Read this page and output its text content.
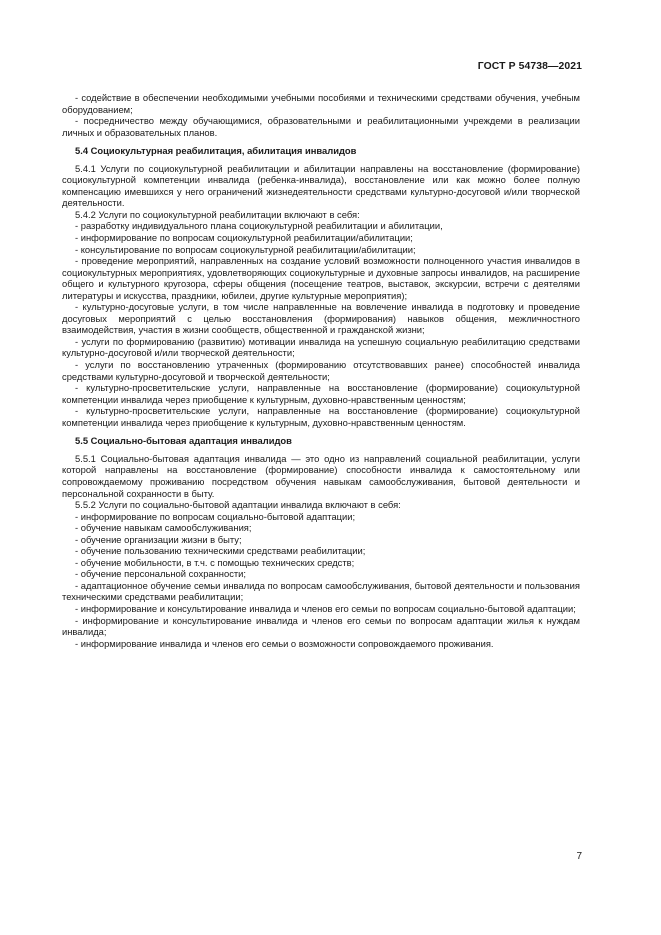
ГОСТ Р 54738—2021

- содействие в обеспечении необходимыми учебными пособиями и техническими средствами обучения, учебным оборудованием;

- посредничество между обучающимися, образовательными и реабилитационными учреждеми в реализации личных и образовательных планов.

5.4 Социокультурная реабилитация, абилитация инвалидов

5.4.1 Услуги по социокультурной реабилитации и абилитации направлены на восстановление (формирование) социокультурной компетенции инвалида (ребенка-инвалида), восстановление или как можно более полную компенсацию имевшихся у него ограничений жизнедеятельности средствами культурно-досуговой и/или творческой деятельности.

5.4.2 Услуги по социокультурной реабилитации включают в себя:

- разработку индивидуального плана социокультурной реабилитации и абилитации,

- информирование по вопросам социокультурной реабилитации/абилитации;

- консультирование по вопросам социокультурной реабилитации/абилитации;

- проведение мероприятий, направленных на создание условий возможности полноценного участия инвалидов в социокультурных мероприятиях, удовлетворяющих социокультурные и духовные запросы инвалидов, на расширение общего и культурного кругозора, сферы общения (посещение театров, выставок, экскурсии, встречи с деятелями литературы и искусства, праздники, юбилеи, другие культурные мероприятия);

- культурно-досуговые услуги, в том числе направленные на вовлечение инвалида в подготовку и проведение досуговых мероприятий с целью восстановления (формирования) навыков общения, межличностного взаимодействия, участия в жизни сообществ, общественной и гражданской жизни;

- услуги по формированию (развитию) мотивации инвалида на успешную социальную реабилитацию средствами культурно-досуговой и/или творческой деятельности;

- услуги по восстановлению утраченных (формированию отсутствовавших ранее) способностей инвалида средствами культурно-досуговой и творческой деятельности;

- культурно-просветительские услуги, направленные на восстановление (формирование) социокультурной компетенции инвалида через приобщение к культурным, духовно-нравственным ценностям;

- культурно-просветительские услуги, направленные на восстановление (формирование) социокультурной компетенции инвалида через приобщение к культурным, духовно-нравственным ценностям.

5.5 Социально-бытовая адаптация инвалидов

5.5.1 Социально-бытовая адаптация инвалида — это одно из направлений социальной реабилитации, услуги которой направлены на восстановление (формирование) способности инвалида к самостоятельному или сопровождаемому проживанию посредством обучения навыкам самообслуживания, бытовой деятельности и персональной сохранности в быту.

5.5.2 Услуги по социально-бытовой адаптации инвалида включают в себя:

- информирование по вопросам социально-бытовой адаптации;

- обучение навыкам самообслуживания;

- обучение организации жизни в быту;

- обучение пользованию техническими средствами реабилитации;

- обучение мобильности, в т.ч. с помощью технических средств;

- обучение персональной сохранности;

- адаптационное обучение семьи инвалида по вопросам самообслуживания, бытовой деятельности и пользования техническими средствами реабилитации;

- информирование и консультирование инвалида и членов его семьи по вопросам социально-бытовой адаптации;

- информирование и консультирование инвалида и членов его семьи по вопросам адаптации жилья к нуждам инвалида;

- информирование инвалида и членов его семьи о возможности сопровождаемого проживания.

7
